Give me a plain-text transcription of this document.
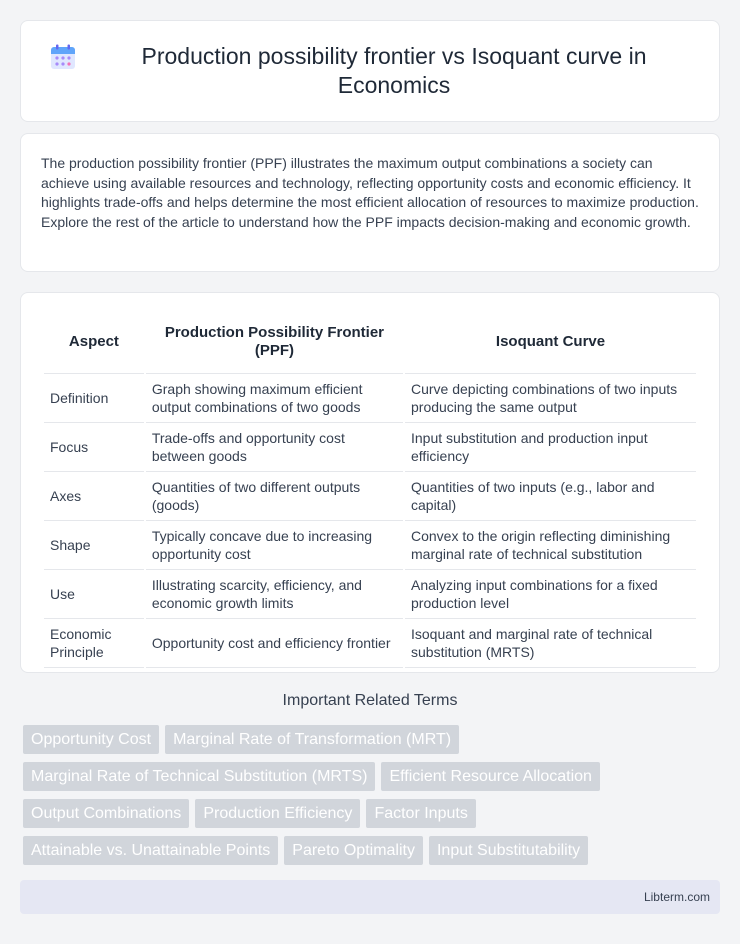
Production possibility frontier vs Isoquant curve in Economics

The production possibility frontier (PPF) illustrates the maximum output combinations a society can achieve using available resources and technology, reflecting opportunity costs and economic efficiency. It highlights trade-offs and helps determine the most efficient allocation of resources to maximize production. Explore the rest of the article to understand how the PPF impacts decision-making and economic growth.

Aspect	Production Possibility Frontier (PPF)	Isoquant Curve
Definition	Graph showing maximum efficient output combinations of two goods	Curve depicting combinations of two inputs producing the same output
Focus	Trade-offs and opportunity cost between goods	Input substitution and production input efficiency
Axes	Quantities of two different outputs (goods)	Quantities of two inputs (e.g., labor and capital)
Shape	Typically concave due to increasing opportunity cost	Convex to the origin reflecting diminishing marginal rate of technical substitution
Use	Illustrating scarcity, efficiency, and economic growth limits	Analyzing input combinations for a fixed production level
Economic Principle	Opportunity cost and efficiency frontier	Isoquant and marginal rate of technical substitution (MRTS)
Important Related Terms
Opportunity Cost	Marginal Rate of Transformation (MRT)
Marginal Rate of Technical Substitution (MRTS)	Efficient Resource Allocation
Output Combinations	Production Efficiency	Factor Inputs
Attainable vs. Unattainable Points	Pareto Optimality	Input Substitutability
Libterm.com
